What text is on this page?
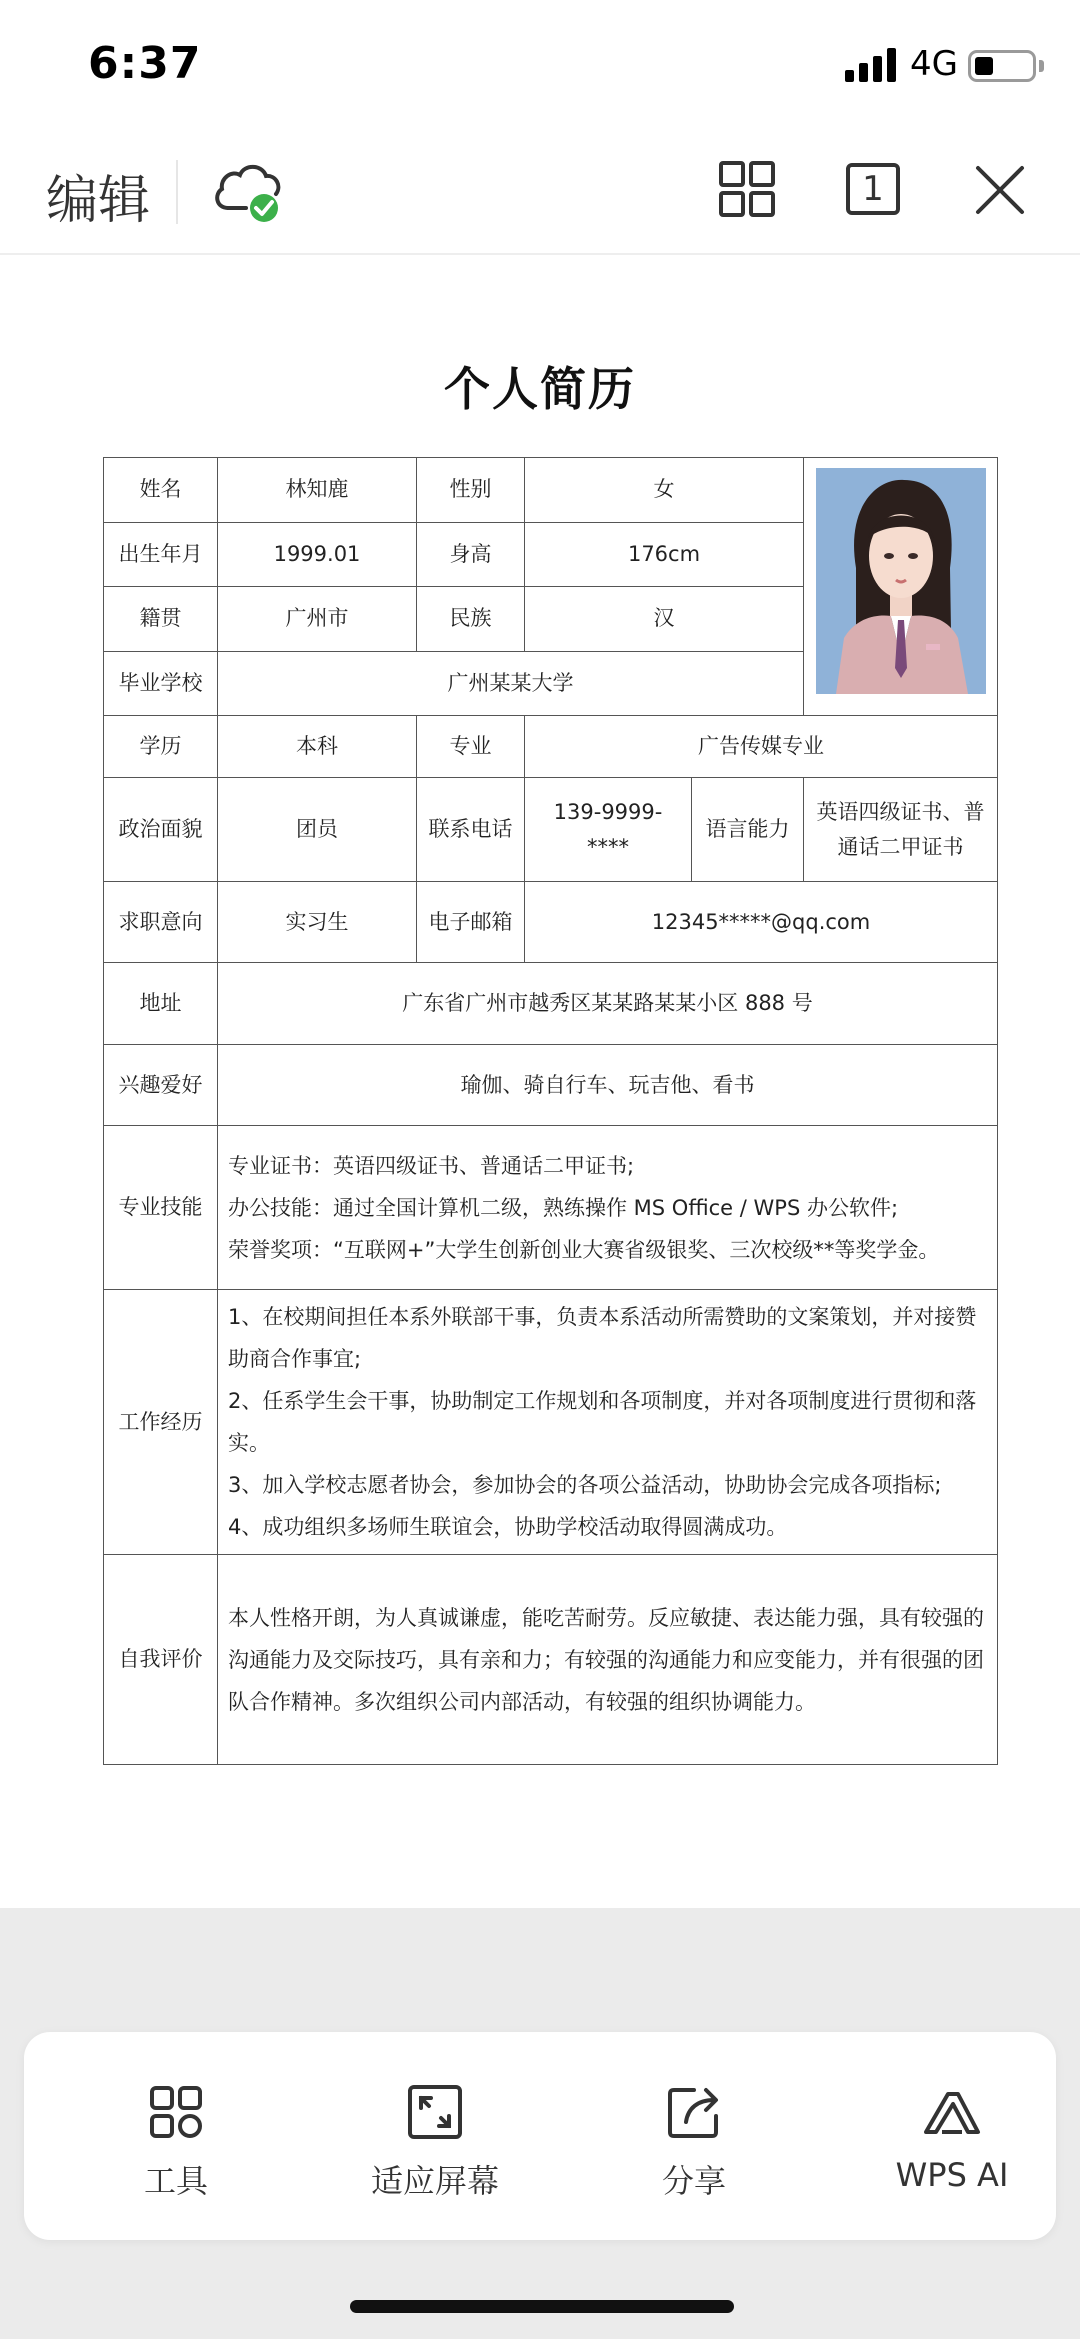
6:37	4G
编辑	1
个人简历
姓名	林知鹿	性别	女	
出生年月	1999.01	身高	176cm		
籍贯	广州市	民族	汉		
毕业学校	广州某某大学				
学历	本科	专业	广告传媒专业		
政治面貌	团员	联系电话	139-9999-****	语言能力	英语四级证书、普通话二甲证书
求职意向	实习生	电子邮箱	12345*****@qq.com		
地址	广东省广州市越秀区某某路某某小区 888 号				
兴趣爱好	瑜伽、骑自行车、玩吉他、看书				
专业技能	专业证书：英语四级证书、普通话二甲证书;
办公技能：通过全国计算机二级，熟练操作 MS Office / WPS 办公软件;
荣誉奖项：“互联网+”大学生创新创业大赛省级银奖、三次校级**等奖学金。				

工作经历	1、在校期间担任本系外联部干事，负责本系活动所需赞助的文案策划，并对接赞助商合作事宜;
2、任系学生会干事，协助制定工作规划和各项制度，并对各项制度进行贯彻和落实。
3、加入学校志愿者协会，参加协会的各项公益活动，协助协会完成各项指标;
4、成功组织多场师生联谊会，协助学校活动取得圆满成功。				

自我评价	本人性格开朗，为人真诚谦虚，能吃苦耐劳。反应敏捷、表达能力强，具有较强的沟通能力及交际技巧，具有亲和力；有较强的沟通能力和应变能力，并有很强的团队合作精神。多次组织公司内部活动，有较强的组织协调能力。				
工具	适应屏幕	分享	WPS AI
